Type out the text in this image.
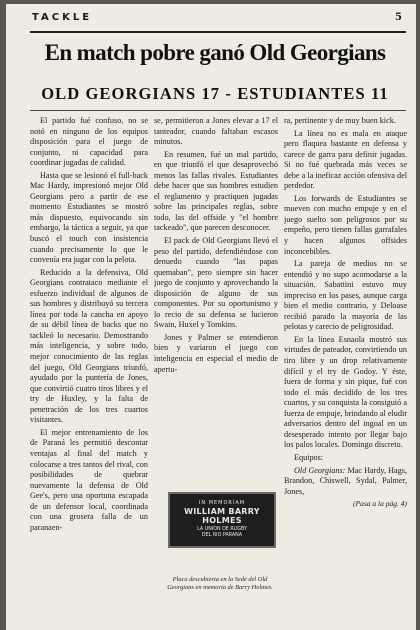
TACKLE	5
En match pobre ganó Old Georgians
OLD GEORGIANS 17 - ESTUDIANTES 11

El partido fué confuso, no se notó en ninguno de los equipos disposición para el juego de conjunto, ni capacidad para coordinar jugadas de calidad.

Hasta que se lesionó el full-back Mac Hardy, impresionó mejor Old Georgians pero a partir de ese momento Estudiantes se mostró más dispuesto, equivocando sin embargo, la táctica a seguir, ya que buscó el touch con insistencia cuando precisamente lo que le convenía era jugar con la pelota.

Reducido a la defensiva, Old Georgians contrataco mediante el esfuerzo individual de algunos de sus hombres y distribuyó su tercera línea por toda la cancha en apoyo de su débil línea de backs que no tackleó lo necesario. Demostrando más inteligencia, y sobre todo, mejor conocimiento de las reglas del juego, Old Georgians triunfó, ayudado por la puntería de Jones, que convirtió cuatro tiros libres y el try de Huxley, y la falta de penetración de los tres cuartos visitantes.

El mejor entrenamiento de los de Paraná les permitió descontar ventajas al final del match y colocarse a tres tantos del rival, con posibilidades de quebrar nuevamente la defensa de Old Gee's, pero una oportuna escapada de un defensor local, coordinada con una grosera falla de un paranaen-

se, permitieron a Jones elevar a 17 el tanteador, cuando faltaban escasos minutos.

En resumen, fué un mal partido, en que triunfó el que desaprovechó menos las fallas rivales. Estudiantes debe hacer que sus hombres estudien el reglamento y practiquen jugadas sobre las principales reglas, sobre todo, las del offside y "el hombre tackeado", que parecen desconocer.

El pack de Old Georgians llevó el peso del partido, defendiéndose con denuedo cuando "las papas quemaban", pero siempre sin hacer juego de conjunto y aprovechando la disposición de alguno de sus componentes. Por su oportunismo y lo recio de su defensa se lucieron Swain, Huxel y Tomkins.

Jones y Palmer se entendieron bien y variaron el juego con inteligencia en especial el medio de apertu-

IN MEMORIAM
WILLIAM BARRY HOLMES
LA UNION DE RUGBY
DEL RIO PARANA
Placa descubierta en la Sede del Old Georgians en memoria de Barry Holmes.

ra, pertinente y de muy buen kick.

La línea no es mala en ataque pero flaquea bastante en defensa y carece de garra para definir jugadas. Si no fué quebrada más veces se debe a la ineficaz acción ofensiva del perdedor.

Los forwards de Estudiantes se mueven con mucho empuje y en el juego suelto son peligrosos por su empeño, pero tienen fallas garrafales y hacen algunos offsides inconcebibles.

La pareja de medios no se entendió y no supo acomodarse a la situación. Sabattini estuvo muy impreciso en los pases, aunque carga bien el medio contrario, y Deloase recibió parado la mayoría de las pelotas y carecio de peligrosidad.

En la línea Esnaola mostró sus virtudes de pateador, convirtiendo un tiro libre y un drop relativamente difícil y el try de Godoy. Y éste, fuera de forma y sin pique, fué con todo el más decidido de los tres cuartos, y su conquista la consiguió a fuerza de empuje, brindando al eludir adversarios dentro del ingoal en un desesperado intento por llegar bajo los palos locales. Domingo discreto.

Equipos:

Old Georgians: Mac Hardy, Hags, Brandon, Chiswell, Sydal, Palmer, Jones,

(Pasa a la pág. 4)
